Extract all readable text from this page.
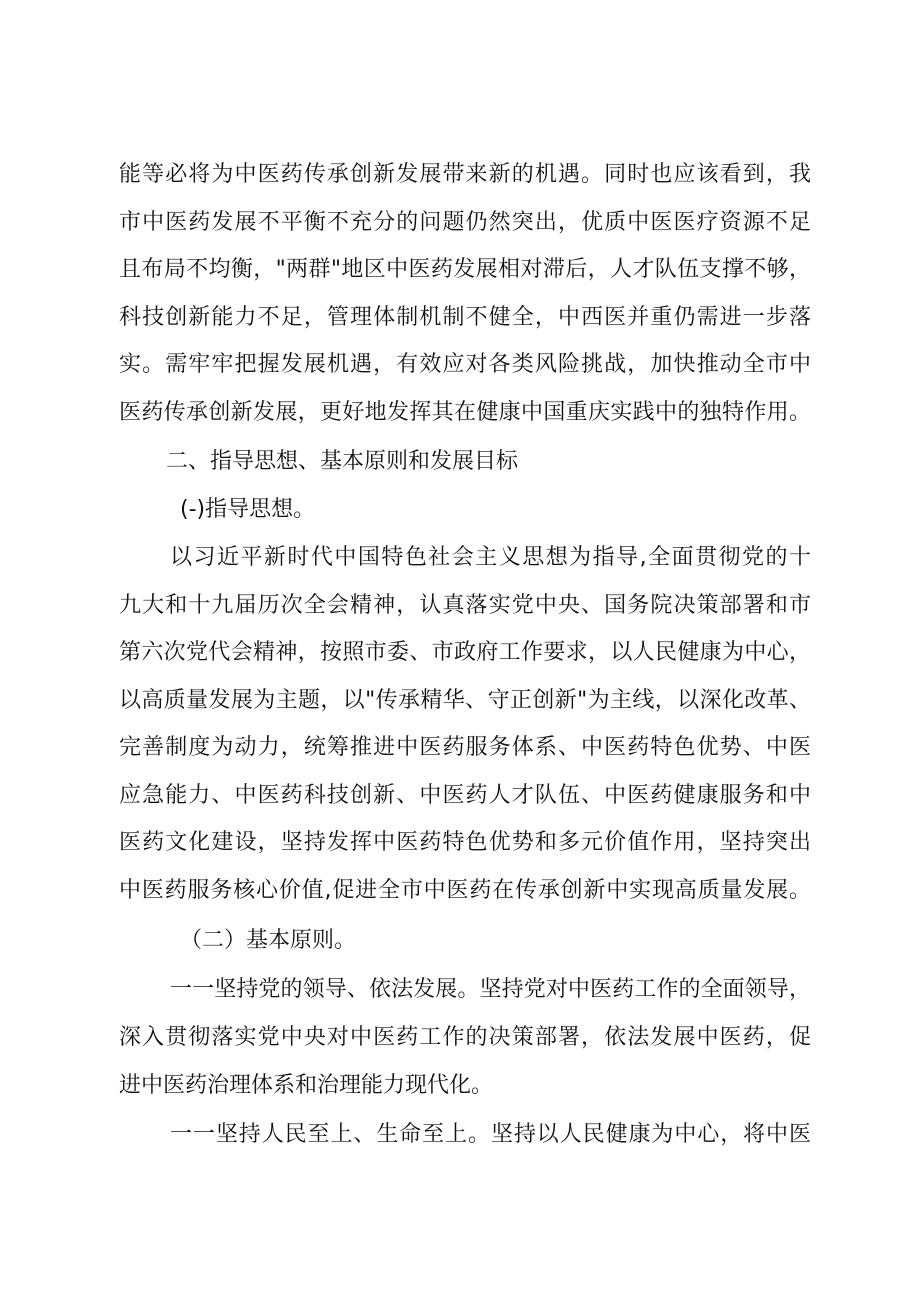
能等必将为中医药传承创新发展带来新的机遇。同时也应该看到，我
市中医药发展不平衡不充分的问题仍然突出，优质中医医疗资源不足
且布局不均衡，"两群"地区中医药发展相对滞后，人才队伍支撑不够，
科技创新能力不足，管理体制机制不健全，中西医并重仍需进一步落
实。需牢牢把握发展机遇，有效应对各类风险挑战，加快推动全市中
医药传承创新发展，更好地发挥其在健康中国重庆实践中的独特作用。
二、指导思想、基本原则和发展目标
(-)指导思想。
以习近平新时代中国特色社会主义思想为指导,全面贯彻党的十
九大和十九届历次全会精神，认真落实党中央、国务院决策部署和市
第六次党代会精神，按照市委、市政府工作要求，以人民健康为中心，
以高质量发展为主题，以"传承精华、守正创新"为主线，以深化改革、
完善制度为动力，统筹推进中医药服务体系、中医药特色优势、中医
应急能力、中医药科技创新、中医药人才队伍、中医药健康服务和中
医药文化建设，坚持发挥中医药特色优势和多元价值作用，坚持突出
中医药服务核心价值,促进全市中医药在传承创新中实现高质量发展。
（二）基本原则。
一一坚持党的领导、依法发展。坚持党对中医药工作的全面领导，
深入贯彻落实党中央对中医药工作的决策部署，依法发展中医药，促
进中医药治理体系和治理能力现代化。
一一坚持人民至上、生命至上。坚持以人民健康为中心，将中医
